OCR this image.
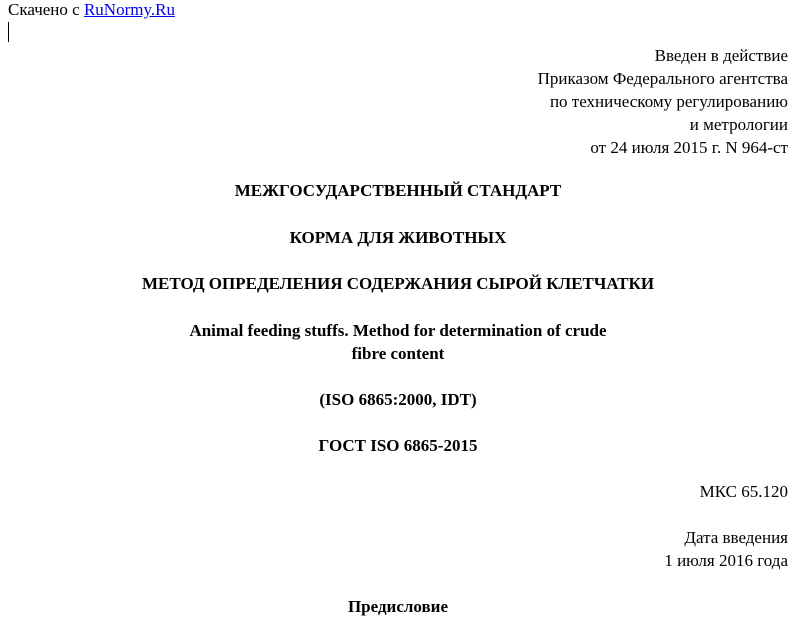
Скачено с RuNormy.Ru
Введен в действие
Приказом Федерального агентства
по техническому регулированию
и метрологии
от 24 июля 2015 г. N 964-ст
МЕЖГОСУДАРСТВЕННЫЙ СТАНДАРТ
КОРМА ДЛЯ ЖИВОТНЫХ
МЕТОД ОПРЕДЕЛЕНИЯ СОДЕРЖАНИЯ СЫРОЙ КЛЕТЧАТКИ
Animal feeding stuffs. Method for determination of crude
fibre content
(ISO 6865:2000, IDT)
ГОСТ ISO 6865-2015
МКС 65.120
Дата введения
1 июля 2016 года
Предисловие
